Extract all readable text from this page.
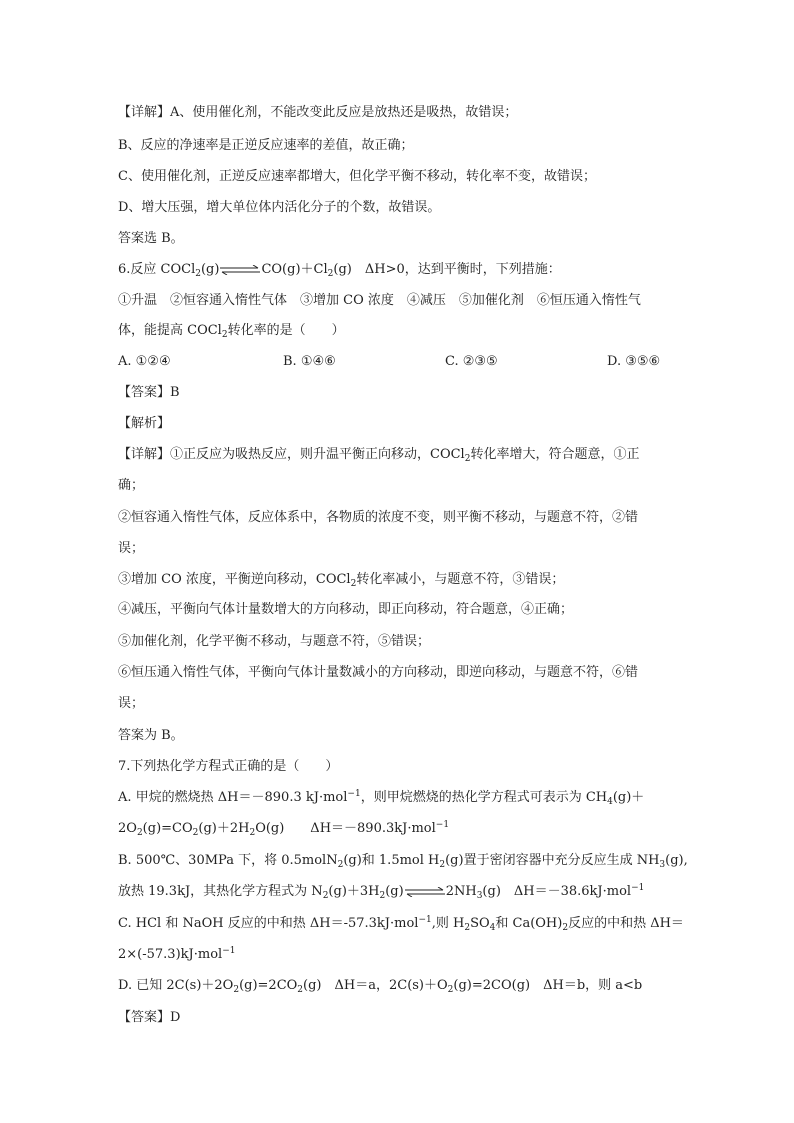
【详解】A、使用催化剂，不能改变此反应是放热还是吸热，故错误；
B、反应的净速率是正逆反应速率的差值，故正确；
C、使用催化剂，正逆反应速率都增大，但化学平衡不移动，转化率不变，故错误；
D、增大压强，增大单位体内活化分子的个数，故错误。
答案选 B。
6.反应 $COCl_2(g)\rightleftharpoons CO(g)+Cl_2(g)$　ΔH>0，达到平衡时，下列措施：
①升温　②恒容通入惰性气体　③增加 CO 浓度　④减压　⑤加催化剂　⑥恒压通入惰性气
体，能提高 COCl$_2$转化率的是（　　）
A. ①②④	B. ①④⑥	C. ②③⑤	D. ③⑤⑥
【答案】B
【解析】
【详解】①正反应为吸热反应，则升温平衡正向移动，COCl$_2$转化率增大，符合题意，①正
确；
②恒容通入惰性气体，反应体系中，各物质的浓度不变，则平衡不移动，与题意不符，②错
误；
③增加 CO 浓度，平衡逆向移动，COCl$_2$转化率减小，与题意不符，③错误；
④减压，平衡向气体计量数增大的方向移动，即正向移动，符合题意，④正确；
⑤加催化剂，化学平衡不移动，与题意不符，⑤错误；
⑥恒压通入惰性气体，平衡向气体计量数减小的方向移动，即逆向移动，与题意不符，⑥错
误；
答案为 B。
7.下列热化学方程式正确的是（　　）
A. 甲烷的燃烧热 ΔH＝－890.3 kJ·mol$^{-1}$，则甲烷燃烧的热化学方程式可表示为 $CH_4(g)+$
$2O_2(g)=CO_2(g)+2H_2O(g)$　　ΔH＝－890.3kJ·mol$^{-1}$
B. 500℃、30MPa 下，将 0.5molN$_2$(g)和 1.5mol $H_2(g)$置于密闭容器中充分反应生成 $NH_3(g)$,
放热 19.3kJ，其热化学方程式为 $N_2(g)+3H_2(g)\rightleftharpoons 2NH_3(g)$　ΔH＝－38.6kJ·mol$^{-1}$
C. HCl 和 NaOH 反应的中和热 ΔH＝-57.3kJ·mol$^{-1}$,则 $H_2SO_4$和 $Ca(OH)_2$反应的中和热 ΔH＝
2×(-57.3)kJ·mol$^{-1}$
D. 已知 $2C(s)+2O_2(g)=2CO_2(g)$　ΔH＝a，$2C(s)+O_2(g)=2CO(g)$　ΔH＝b，则 a<b
【答案】D
